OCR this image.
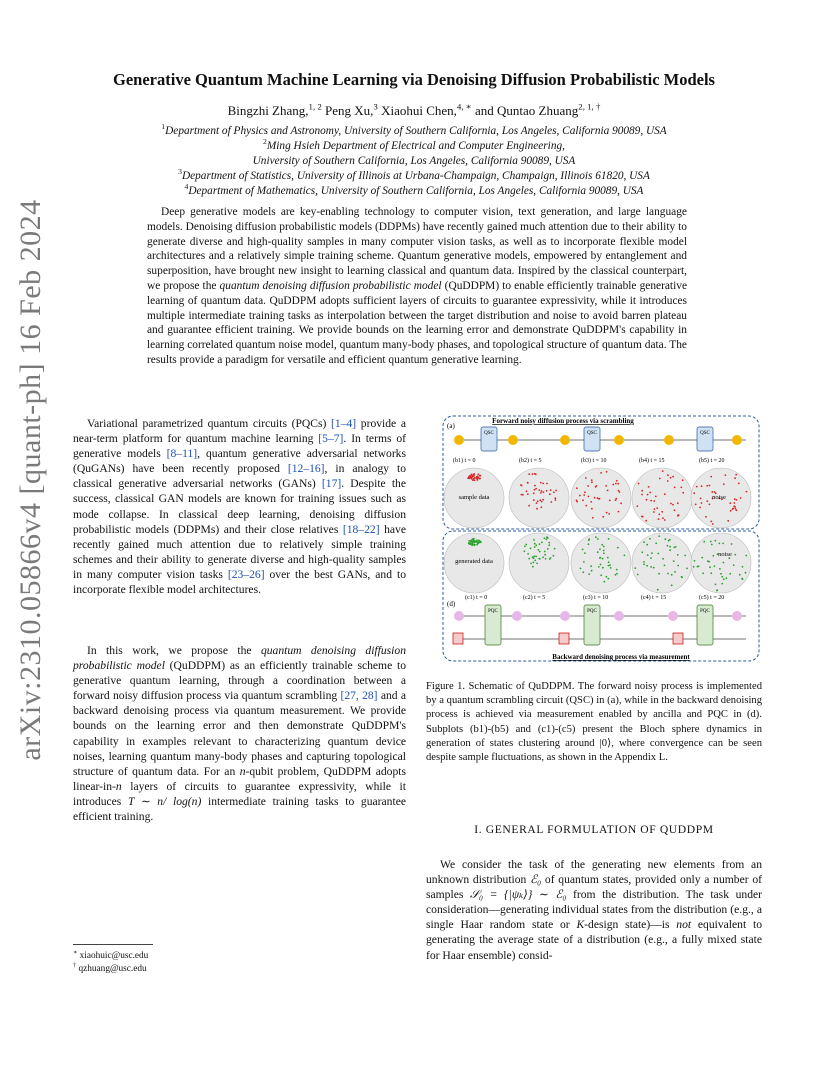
arXiv:2310.05866v4 [quant-ph] 16 Feb 2024
Generative Quantum Machine Learning via Denoising Diffusion Probabilistic Models
Bingzhi Zhang,$^{1, 2}$ Peng Xu,$^3$ Xiaohui Chen,$^{4, ∗}$ and Quntao Zhuang$^{2, 1, \dagger}$
$^1$Department of Physics and Astronomy, University of Southern California, Los Angeles, California 90089, USA
$^2$Ming Hsieh Department of Electrical and Computer Engineering,
University of Southern California, Los Angeles, California 90089, USA
$^3$Department of Statistics, University of Illinois at Urbana-Champaign, Champaign, Illinois 61820, USA
$^4$Department of Mathematics, University of Southern California, Los Angeles, California 90089, USA

Deep generative models are key-enabling technology to computer vision, text generation, and large language models. Denoising diffusion probabilistic models (DDPMs) have recently gained much attention due to their ability to generate diverse and high-quality samples in many computer vision tasks, as well as to incorporate flexible model architectures and a relatively simple training scheme. Quantum generative models, empowered by entanglement and superposition, have brought new insight to learning classical and quantum data. Inspired by the classical counterpart, we propose the quantum denoising diffusion probabilistic model (QuDDPM) to enable efficiently trainable generative learning of quantum data. QuDDPM adopts sufficient layers of circuits to guarantee expressivity, while it introduces multiple intermediate training tasks as interpolation between the target distribution and noise to avoid barren plateau and guarantee efficient training. We provide bounds on the learning error and demonstrate QuDDPM's capability in learning correlated quantum noise model, quantum many-body phases, and topological structure of quantum data. The results provide a paradigm for versatile and efficient quantum generative learning.

Variational parametrized quantum circuits (PQCs) [1–4] provide a near-term platform for quantum machine learning [5–7]. In terms of generative models [8–11], quantum generative adversarial networks (QuGANs) have been recently proposed [12–16], in analogy to classical generative adversarial networks (GANs) [17]. Despite the success, classical GAN models are known for training issues such as mode collapse. In classical deep learning, denoising diffusion probabilistic models (DDPMs) and their close relatives [18–22] have recently gained much attention due to relatively simple training schemes and their ability to generate diverse and high-quality samples in many computer vision tasks [23–26] over the best GANs, and to incorporate flexible model architectures.

In this work, we propose the quantum denoising diffusion probabilistic model (QuDDPM) as an efficiently trainable scheme to generative quantum learning, through a coordination between a forward noisy diffusion process via quantum scrambling [27, 28] and a backward denoising process via quantum measurement. We provide bounds on the learning error and then demonstrate QuDDPM's capability in examples relevant to characterizing quantum device noises, learning quantum many-body phases and capturing topological structure of quantum data. For an n-qubit problem, QuDDPM adopts linear-in-n layers of circuits to guarantee expressivity, while it introduces T ∼ n/ log(n) intermediate training tasks to guarantee efficient training.

∗ xiaohuic@usc.edu
† qzhuang@usc.edu
Forward noisy diffusion process via scrambling
(a)
QSC	QSC	QSC
(b1) t = 0	(b2) t = 5	(b3) t = 10	(b4) t = 15	(b5) t = 20
sample data	noise
generated data
noise
(c1) t = 0	(c2) t = 5	(c3) t = 10	(c4) t = 15	(c5) t = 20
(d)
PQC	PQC	PQC
Backward denoising process via measurement
Figure 1. Schematic of QuDDPM. The forward noisy process is implemented by a quantum scrambling circuit (QSC) in (a), while in the backward denoising process is achieved via measurement enabled by ancilla and PQC in (d). Subplots (b1)-(b5) and (c1)-(c5) present the Bloch sphere dynamics in generation of states clustering around |0⟩, where convergence can be seen despite sample fluctuations, as shown in the Appendix L.
I. GENERAL FORMULATION OF QUDDPM

We consider the task of the generating new elements from an unknown distribution ℰ₀ of quantum states, provided only a number of samples 𝒮₀ = {|ψₖ⟩} ∼ ℰ₀ from the distribution. The task under consideration—generating individual states from the distribution (e.g., a single Haar random state or K-design state)—is not equivalent to generating the average state of a distribution (e.g., a fully mixed state for Haar ensemble) consid-
